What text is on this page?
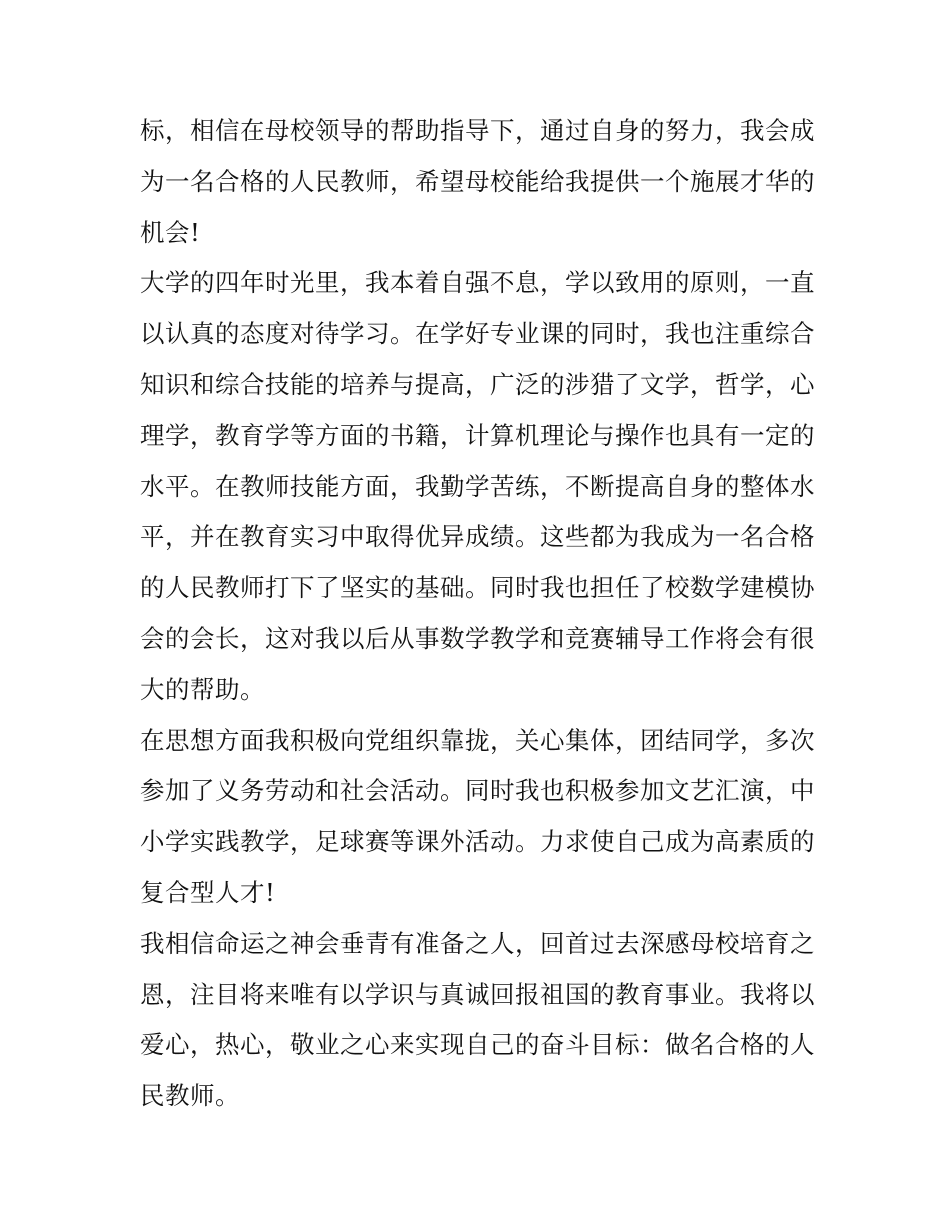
标，相信在母校领导的帮助指导下，通过自身的努力，我会成
为一名合格的人民教师，希望母校能给我提供一个施展才华的
机会!
大学的四年时光里，我本着自强不息，学以致用的原则，一直
以认真的态度对待学习。在学好专业课的同时，我也注重综合
知识和综合技能的培养与提高，广泛的涉猎了文学，哲学，心
理学，教育学等方面的书籍，计算机理论与操作也具有一定的
水平。在教师技能方面，我勤学苦练，不断提高自身的整体水
平，并在教育实习中取得优异成绩。这些都为我成为一名合格
的人民教师打下了坚实的基础。同时我也担任了校数学建模协
会的会长，这对我以后从事数学教学和竞赛辅导工作将会有很
大的帮助。
在思想方面我积极向党组织靠拢，关心集体，团结同学，多次
参加了义务劳动和社会活动。同时我也积极参加文艺汇演，中
小学实践教学，足球赛等课外活动。力求使自己成为高素质的
复合型人才!
我相信命运之神会垂青有准备之人，回首过去深感母校培育之
恩，注目将来唯有以学识与真诚回报祖国的教育事业。我将以
爱心，热心，敬业之心来实现自己的奋斗目标：做名合格的人
民教师。
